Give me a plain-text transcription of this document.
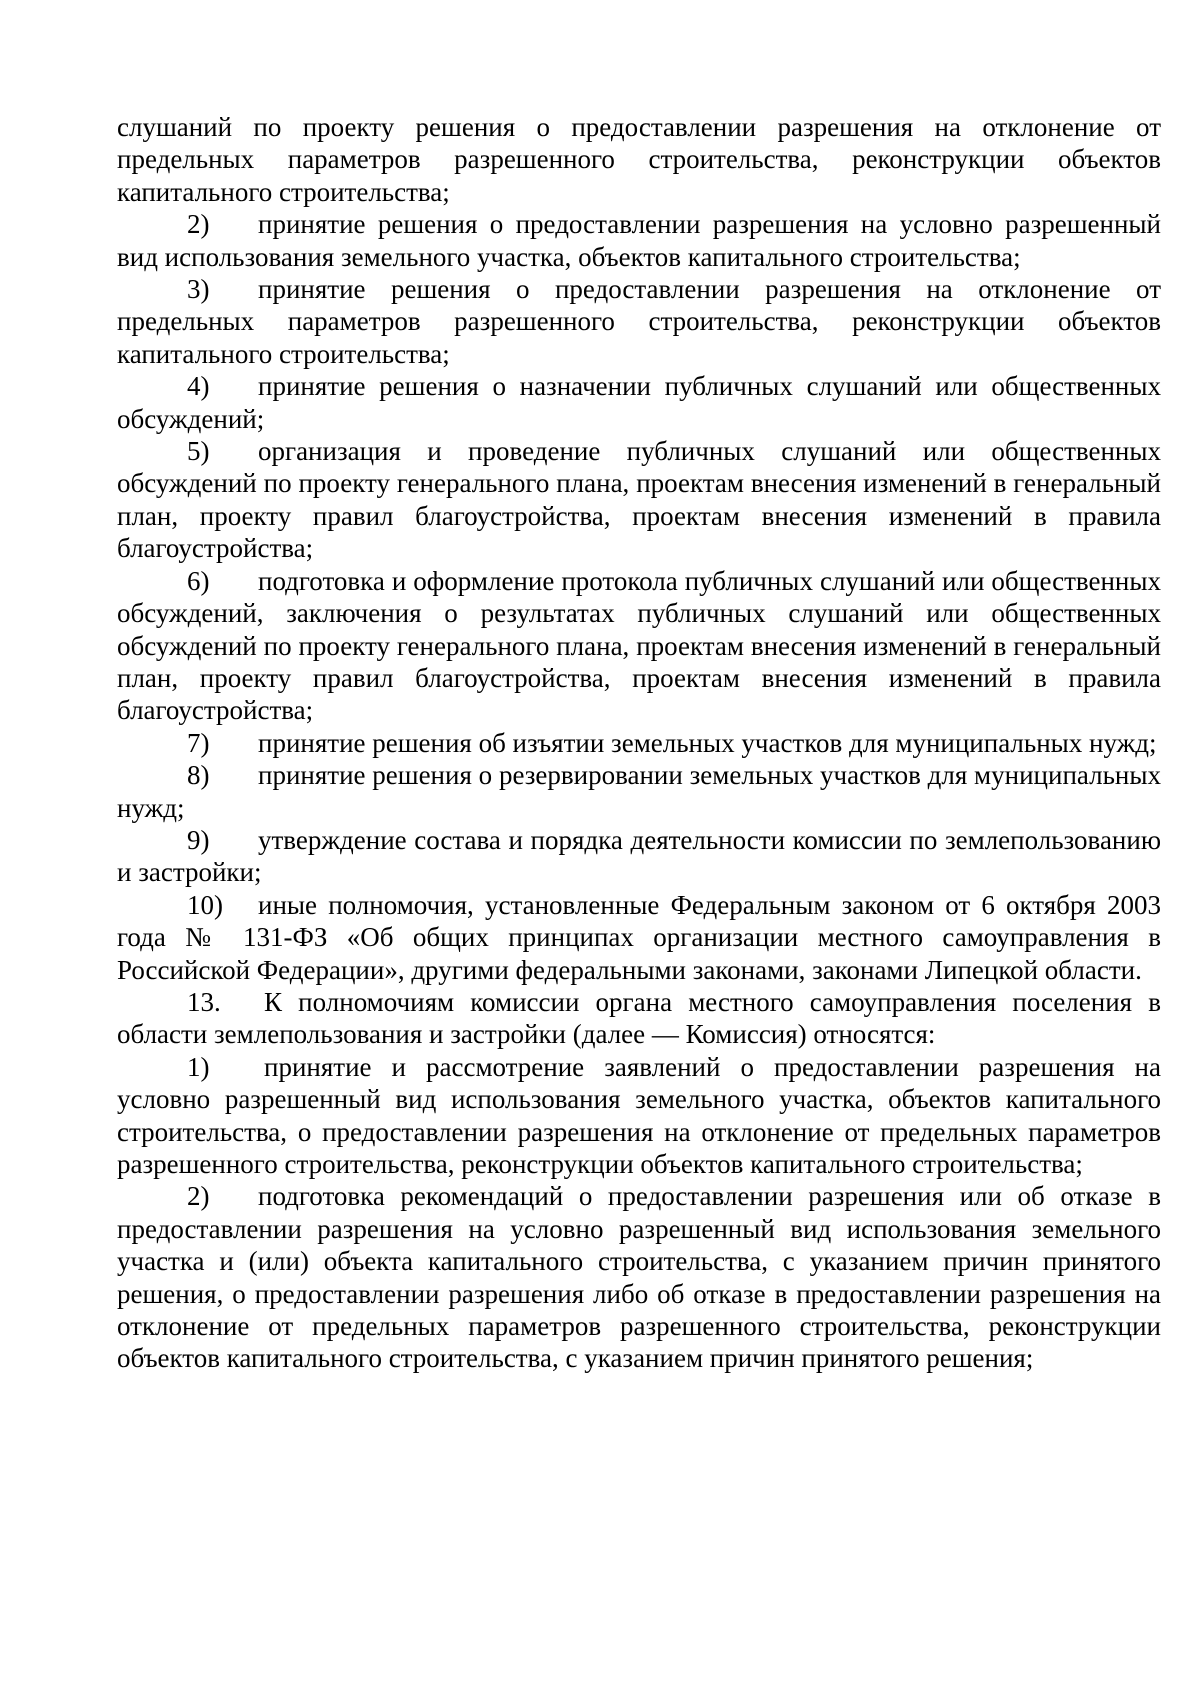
слушаний по проекту решения о предоставлении разрешения на отклонение от предельных параметров разрешенного строительства, реконструкции объектов капитального строительства;

2) принятие решения о предоставлении разрешения на условно разрешенный вид использования земельного участка, объектов капитального строительства;

3) принятие решения о предоставлении разрешения на отклонение от предельных параметров разрешенного строительства, реконструкции объектов капитального строительства;

4) принятие решения о назначении публичных слушаний или общественных обсуждений;

5) организация и проведение публичных слушаний или общественных обсуждений по проекту генерального плана, проектам внесения изменений в генеральный план, проекту правил благоустройства, проектам внесения изменений в правила благоустройства;

6) подготовка и оформление протокола публичных слушаний или общественных обсуждений, заключения о результатах публичных слушаний или общественных обсуждений по проекту генерального плана, проектам внесения изменений в генеральный план, проекту правил благоустройства, проектам внесения изменений в правила благоустройства;

7) принятие решения об изъятии земельных участков для муниципальных нужд;

8) принятие решения о резервировании земельных участков для муниципальных нужд;

9) утверждение состава и порядка деятельности комиссии по землепользованию и застройки;

10) иные полномочия, установленные Федеральным законом от 6 октября 2003 года № 131-ФЗ «Об общих принципах организации местного самоуправления в Российской Федерации», другими федеральными законами, законами Липецкой области.

13. К полномочиям комиссии органа местного самоуправления поселения в области землепользования и застройки (далее — Комиссия) относятся:

1) принятие и рассмотрение заявлений о предоставлении разрешения на условно разрешенный вид использования земельного участка, объектов капитального строительства, о предоставлении разрешения на отклонение от предельных параметров разрешенного строительства, реконструкции объектов капитального строительства;

2) подготовка рекомендаций о предоставлении разрешения или об отказе в предоставлении разрешения на условно разрешенный вид использования земельного участка и (или) объекта капитального строительства, с указанием причин принятого решения, о предоставлении разрешения либо об отказе в предоставлении разрешения на отклонение от предельных параметров разрешенного строительства, реконструкции объектов капитального строительства, с указанием причин принятого решения;
